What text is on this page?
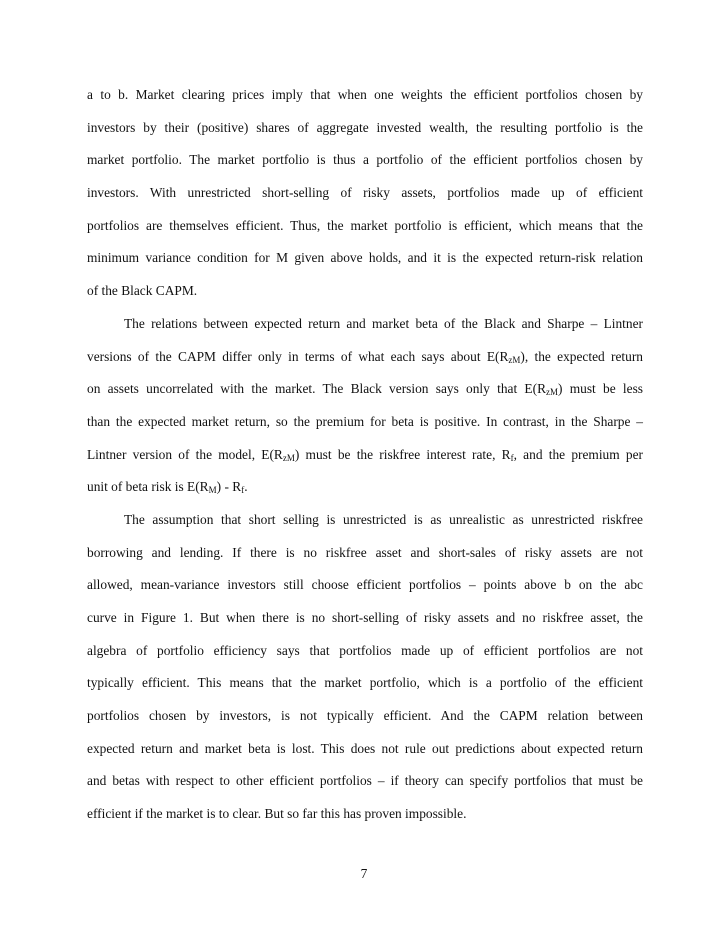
a to b. Market clearing prices imply that when one weights the efficient portfolios chosen by
investors by their (positive) shares of aggregate invested wealth, the resulting portfolio is the
market portfolio. The market portfolio is thus a portfolio of the efficient portfolios chosen by
investors. With unrestricted short-selling of risky assets, portfolios made up of efficient
portfolios are themselves efficient. Thus, the market portfolio is efficient, which means that the
minimum variance condition for M given above holds, and it is the expected return-risk relation
of the Black CAPM.
The relations between expected return and market beta of the Black and Sharpe – Lintner
versions of the CAPM differ only in terms of what each says about $E(R_{zM})$, the expected return
on assets uncorrelated with the market. The Black version says only that $E(R_{zM})$ must be less
than the expected market return, so the premium for beta is positive. In contrast, in the Sharpe –
Lintner version of the model, $E(R_{zM})$ must be the riskfree interest rate, $R_f$, and the premium per
unit of beta risk is $E(R_M) - R_f$.
The assumption that short selling is unrestricted is as unrealistic as unrestricted riskfree
borrowing and lending. If there is no riskfree asset and short-sales of risky assets are not
allowed, mean-variance investors still choose efficient portfolios – points above b on the abc
curve in Figure 1. But when there is no short-selling of risky assets and no riskfree asset, the
algebra of portfolio efficiency says that portfolios made up of efficient portfolios are not
typically efficient. This means that the market portfolio, which is a portfolio of the efficient
portfolios chosen by investors, is not typically efficient. And the CAPM relation between
expected return and market beta is lost. This does not rule out predictions about expected return
and betas with respect to other efficient portfolios – if theory can specify portfolios that must be
efficient if the market is to clear. But so far this has proven impossible.
7
